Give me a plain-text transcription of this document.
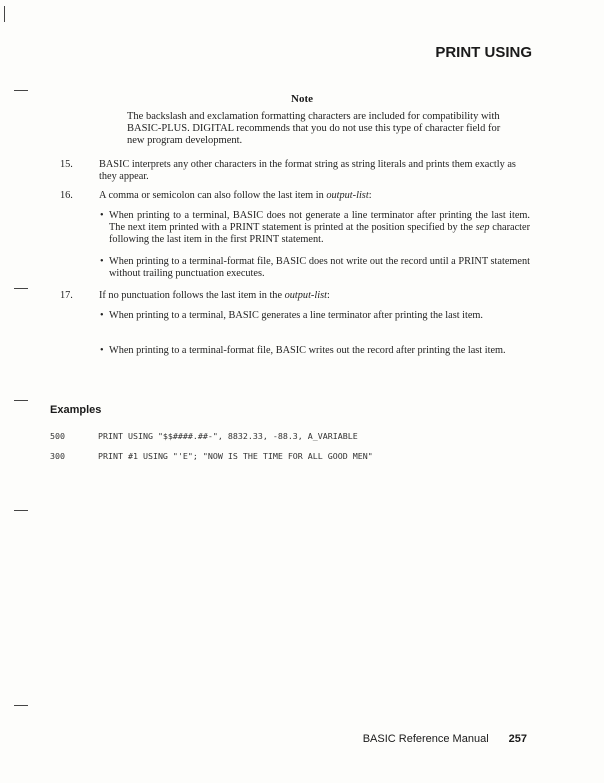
PRINT USING
Note
The backslash and exclamation formatting characters are included for compatibility with BASIC-PLUS. DIGITAL recommends that you do not use this type of character field for new program development.
15.	BASIC interprets any other characters in the format string as string literals and prints them exactly as they appear.
16.	A comma or semicolon can also follow the last item in output-list:
• When printing to a terminal, BASIC does not generate a line terminator after printing the last item. The next item printed with a PRINT statement is printed at the position specified by the sep character following the last item in the first PRINT statement.
• When printing to a terminal-format file, BASIC does not write out the record until a PRINT statement without trailing punctuation executes.
17.	If no punctuation follows the last item in the output-list:
• When printing to a terminal, BASIC generates a line terminator after printing the last item.
• When printing to a terminal-format file, BASIC writes out the record after printing the last item.
Examples
500	PRINT USING "$$####.##-", 8832.33, -88.3, A_VARIABLE
300	PRINT #1 USING "'E"; "NOW IS THE TIME FOR ALL GOOD MEN"
BASIC Reference Manual 257
